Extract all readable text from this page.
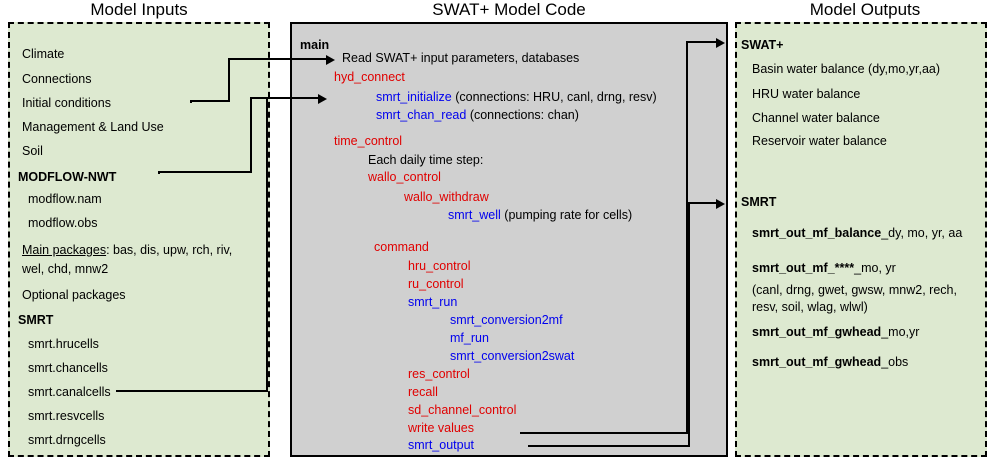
Model Inputs	SWAT+ Model Code	Model Outputs
Climate
Connections
Initial conditions
Management & Land Use
Soil
MODFLOW-NWT
modflow.nam
modflow.obs
Main packages: bas, dis, upw, rch, riv,
wel, chd, mnw2
Optional packages
SMRT
smrt.hrucells
smrt.chancells
smrt.canalcells
smrt.resvcells
smrt.drngcells
main
Read SWAT+ input parameters, databases
hyd_connect
smrt_initialize (connections: HRU, canl, drng, resv)
smrt_chan_read (connections: chan)
time_control
Each daily time step:
wallo_control
wallo_withdraw
smrt_well (pumping rate for cells)
command
hru_control
ru_control
smrt_run
smrt_conversion2mf
mf_run
smrt_conversion2swat
res_control
recall
sd_channel_control
write values
smrt_output
SWAT+
Basin water balance (dy,mo,yr,aa)
HRU water balance
Channel water balance
Reservoir water balance
SMRT
smrt_out_mf_balance_dy, mo, yr, aa
smrt_out_mf_****_mo, yr
(canl, drng, gwet, gwsw, mnw2, rech,
resv, soil, wlag, wlwl)
smrt_out_mf_gwhead_mo,yr
smrt_out_mf_gwhead_obs
